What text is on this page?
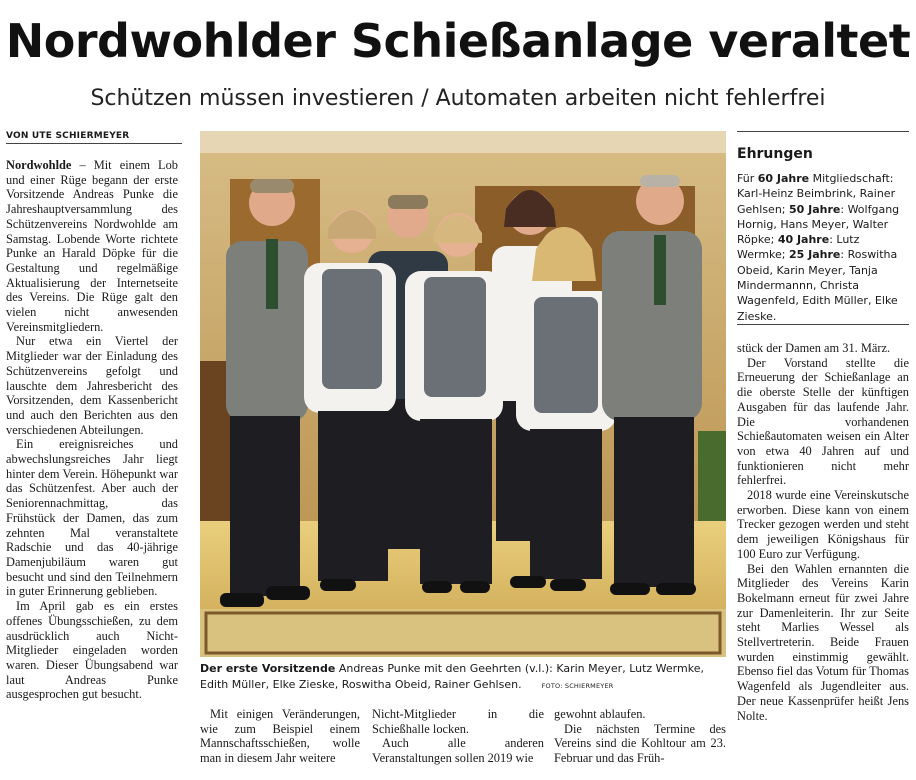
Nordwohlder Schießanlage veraltet
Schützen müssen investieren / Automaten arbeiten nicht fehlerfrei
VON UTE SCHIERMEYER

Nordwohlde – Mit einem Lob und einer Rüge begann der erste Vorsitzende Andreas Punke die Jahreshauptversammlung des Schützenvereins Nordwohlde am Samstag. Lobende Worte richtete Punke an Harald Döpke für die Gestaltung und regelmäßige Aktualisierung der Internetseite des Vereins. Die Rüge galt den vielen nicht anwesenden Vereinsmitgliedern.

Nur etwa ein Viertel der Mitglieder war der Einladung des Schützenvereins gefolgt und lauschte dem Jahresbericht des Vorsitzenden, dem Kassenbericht und auch den Berichten aus den verschiedenen Abteilungen.

Ein ereignisreiches und abwechslungsreiches Jahr liegt hinter dem Verein. Höhepunkt war das Schützenfest. Aber auch der Seniorennachmittag, das Frühstück der Damen, das zum zehnten Mal veranstaltete Radschie und das 40-jährige Damenjubiläum waren gut besucht und sind den Teilnehmern in guter Erinnerung geblieben.

Im April gab es ein erstes offenes Übungsschießen, zu dem ausdrücklich auch Nicht-Mitglieder eingeladen worden waren. Dieser Übungsabend war laut Andreas Punke ausgesprochen gut besucht.

Der erste Vorsitzende Andreas Punke mit den Geehrten (v.l.): Karin Meyer, Lutz Wermke, Edith Müller, Elke Zieske, Roswitha Obeid, Rainer Gehlsen.	FOTO: SCHIERMEYER

Mit einigen Veränderungen, wie zum Beispiel einem Mannschaftsschießen, wolle man in diesem Jahr weitere

Nicht-Mitglieder in die Schießhalle locken.

Auch alle anderen Veranstaltungen sollen 2019 wie

gewohnt ablaufen.

Die nächsten Termine des Vereins sind die Kohltour am 23. Februar und das Früh-

Ehrungen
Für 60 Jahre Mitgliedschaft: Karl-Heinz Beimbrink, Rainer Gehlsen; 50 Jahre: Wolfgang Hornig, Hans Meyer, Walter Röpke; 40 Jahre: Lutz Wermke; 25 Jahre: Roswitha Obeid, Karin Meyer, Tanja Mindermannn, Christa Wagenfeld, Edith Müller, Elke Zieske.

stück der Damen am 31. März.

Der Vorstand stellte die Erneuerung der Schießanlage an die oberste Stelle der künftigen Ausgaben für das laufende Jahr. Die vorhandenen Schießautomaten weisen ein Alter von etwa 40 Jahren auf und funktionieren nicht mehr fehlerfrei.

2018 wurde eine Vereinskutsche erworben. Diese kann von einem Trecker gezogen werden und steht dem jeweiligen Königshaus für 100 Euro zur Verfügung.

Bei den Wahlen ernannten die Mitglieder des Vereins Karin Bokelmann erneut für zwei Jahre zur Damenleiterin. Ihr zur Seite steht Marlies Wessel als Stellvertreterin. Beide Frauen wurden einstimmig gewählt. Ebenso fiel das Votum für Thomas Wagenfeld als Jugendleiter aus. Der neue Kassenprüfer heißt Jens Nolte.
